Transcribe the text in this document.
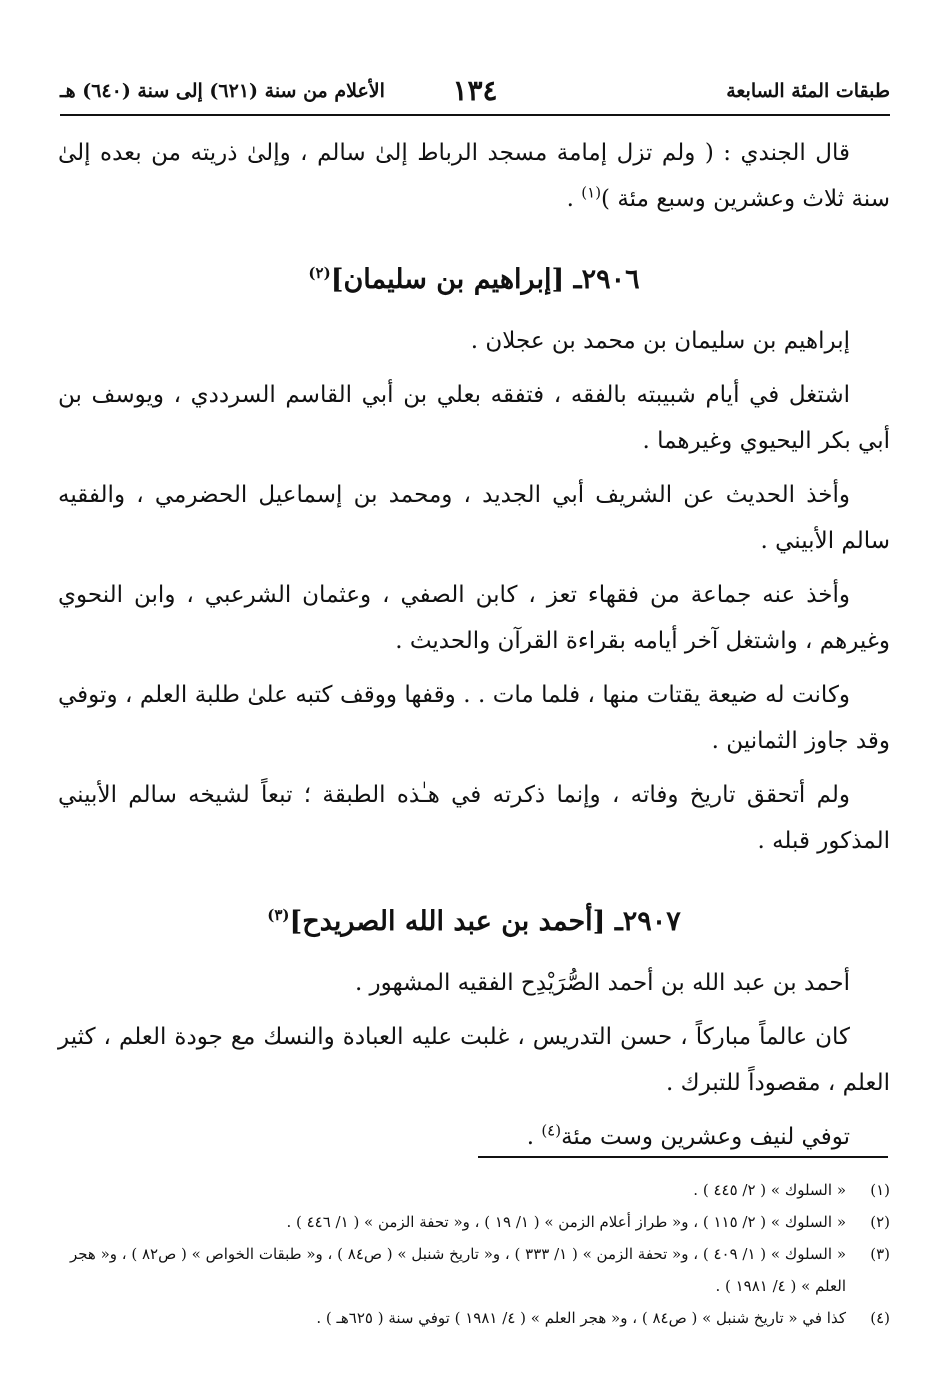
طبقات المئة السابعة
١٣٤
الأعلام من سنة (٦٢١) إلى سنة (٦٤٠) هـ

قال الجندي : ( ولم تزل إمامة مسجد الرباط إلىٰ سالم ، وإلىٰ ذريته من بعده إلىٰ سنة ثلاث وعشرين وسبع مئة )$^{(١)}$ .

٢٩٠٦ـ [إبراهيم بن سليمان]$^{(٢)}$

إبراهيم بن سليمان بن محمد بن عجلان .

اشتغل في أيام شبيبته بالفقه ، فتفقه بعلي بن أبي القاسم السرددي ، ويوسف بن أبي بكر اليحيوي وغيرهما .

وأخذ الحديث عن الشريف أبي الجديد ، ومحمد بن إسماعيل الحضرمي ، والفقيه سالم الأبيني .

وأخذ عنه جماعة من فقهاء تعز ، كابن الصفي ، وعثمان الشرعبي ، وابن النحوي وغيرهم ، واشتغل آخر أيامه بقراءة القرآن والحديث .

وكانت له ضيعة يقتات منها ، فلما مات . . وقفها ووقف كتبه علىٰ طلبة العلم ، وتوفي وقد جاوز الثمانين .

ولم أتحقق تاريخ وفاته ، وإنما ذكرته في هـٰذه الطبقة ؛ تبعاً لشيخه سالم الأبيني المذكور قبله .

٢٩٠٧ـ [أحمد بن عبد الله الصريدح]$^{(٣)}$

أحمد بن عبد الله بن أحمد الصُّرَيْدِح الفقيه المشهور .

كان عالماً مباركاً ، حسن التدريس ، غلبت عليه العبادة والنسك مع جودة العلم ، كثير العلم ، مقصوداً للتبرك .

توفي لنيف وعشرين وست مئة$^{(٤)}$ .

(١)
« السلوك » ( ٢/ ٤٤٥ ) .
(٢)
« السلوك » ( ٢/ ١١٥ ) ، و« طراز أعلام الزمن » ( ١/ ١٩ ) ، و« تحفة الزمن » ( ١/ ٤٤٦ ) .
(٣)
« السلوك » ( ١/ ٤٠٩ ) ، و« تحفة الزمن » ( ١/ ٣٣٣ ) ، و« تاريخ شنبل » ( ص٨٤ ) ، و« طبقات الخواص » ( ص٨٢ ) ، و« هجر العلم » ( ٤/ ١٩٨١ ) .
(٤)
كذا في « تاريخ شنبل » ( ص٨٤ ) ، و« هجر العلم » ( ٤/ ١٩٨١ ) توفي سنة ( ٦٢٥هـ ) .
